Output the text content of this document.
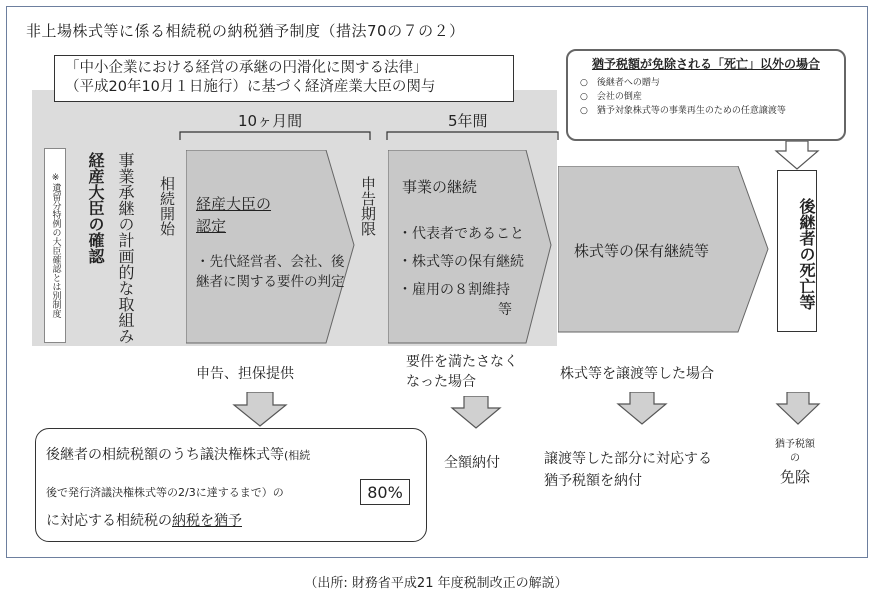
非上場株式等に係る相続税の納税猶予制度（措法70の７の２）
「中小企業における経営の承継の円滑化に関する法律」
（平成20年10月１日施行）に基づく経済産業大臣の関与
10ヶ月間	5年間
※遺留分特例の大臣確認とは別制度	経産大臣の確認 事業承継の計画的な取組み 相続開始	申告期限
経産大臣の
認定
・先代経営者、会社、後継者に関する要件の判定
事業の継続
・代表者であること
・株式等の保有継続
・雇用の８割維持
等
株式等の保有継続等
猶予税額が免除される「死亡」以外の場合
○　後継者への贈与
○　会社の倒産
○　猶予対象株式等の事業再生のための任意譲渡等
後継者の死亡等
申告、担保提供
要件を満たさなく
なった場合	株式等を譲渡等した場合
後継者の相続税額のうち議決権株式等(相続
後で発行済議決権株式等の2/3に達するまで）の	80%
に対応する相続税の納税を猶予
全額納付	譲渡等した部分に対応する
猶予税額を納付
猶予税額
の
免除
（出所: 財務省平成21 年度税制改正の解説）
